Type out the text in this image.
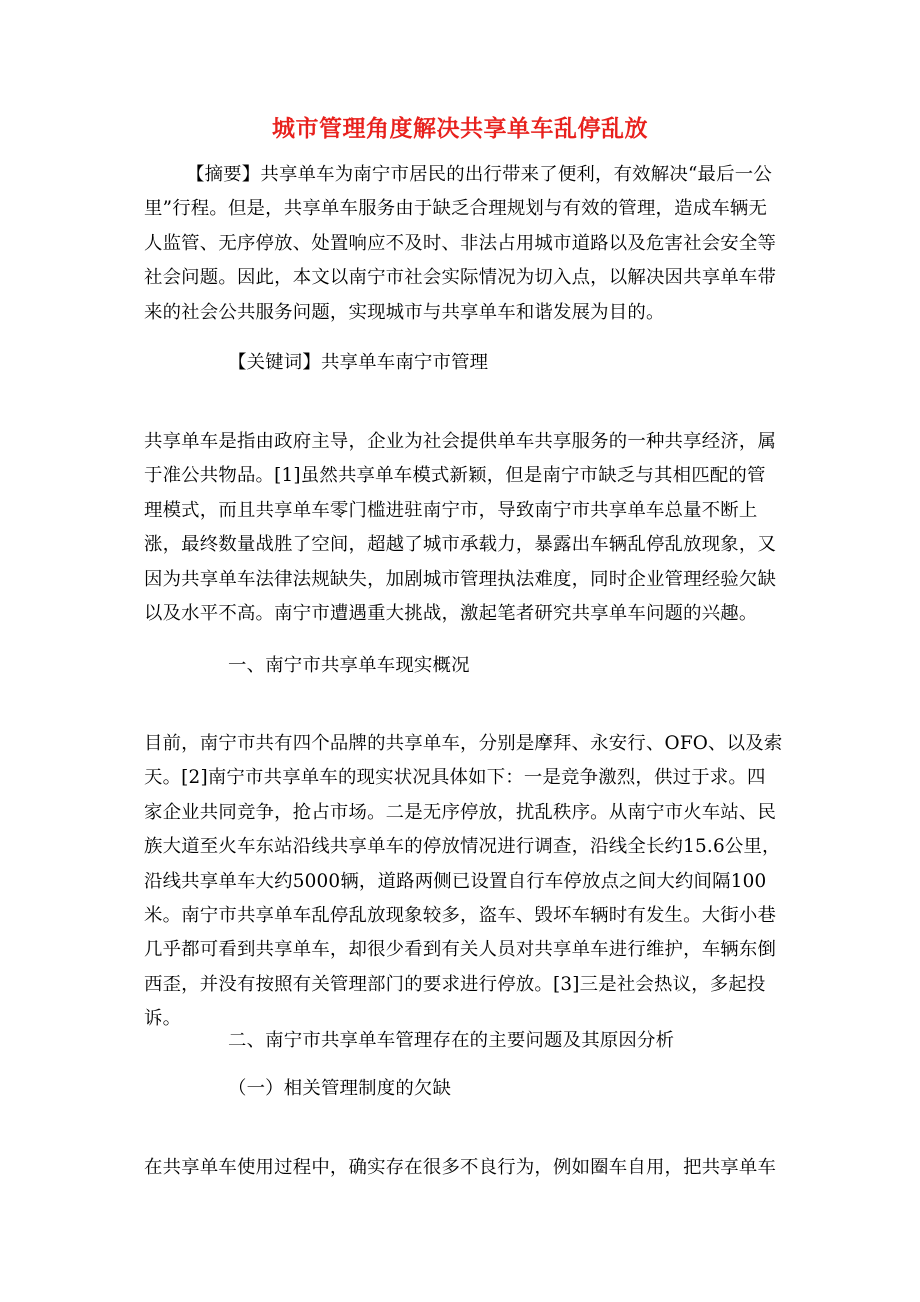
城市管理角度解决共享单车乱停乱放

【摘要】共享单车为南宁市居民的出行带来了便利，有效解决“最后一公里”行程。但是，共享单车服务由于缺乏合理规划与有效的管理，造成车辆无人监管、无序停放、处置响应不及时、非法占用城市道路以及危害社会安全等社会问题。因此，本文以南宁市社会实际情况为切入点，以解决因共享单车带来的社会公共服务问题，实现城市与共享单车和谐发展为目的。

【关键词】共享单车南宁市管理

共享单车是指由政府主导，企业为社会提供单车共享服务的一种共享经济，属于准公共物品。[1]虽然共享单车模式新颖，但是南宁市缺乏与其相匹配的管理模式，而且共享单车零门槛进驻南宁市，导致南宁市共享单车总量不断上涨，最终数量战胜了空间，超越了城市承载力，暴露出车辆乱停乱放现象，又因为共享单车法律法规缺失，加剧城市管理执法难度，同时企业管理经验欠缺以及水平不高。南宁市遭遇重大挑战，激起笔者研究共享单车问题的兴趣。

一、南宁市共享单车现实概况

目前，南宁市共有四个品牌的共享单车，分别是摩拜、永安行、OFO、以及索天。[2]南宁市共享单车的现实状况具体如下：一是竞争激烈，供过于求。四家企业共同竞争，抢占市场。二是无序停放，扰乱秩序。从南宁市火车站、民族大道至火车东站沿线共享单车的停放情况进行调查，沿线全长约15.6公里，沿线共享单车大约5000辆，道路两侧已设置自行车停放点之间大约间隔100米。南宁市共享单车乱停乱放现象较多，盗车、毁坏车辆时有发生。大街小巷几乎都可看到共享单车，却很少看到有关人员对共享单车进行维护，车辆东倒西歪，并没有按照有关管理部门的要求进行停放。[3]三是社会热议，多起投诉。

二、南宁市共享单车管理存在的主要问题及其原因分析

（一）相关管理制度的欠缺

在共享单车使用过程中，确实存在很多不良行为，例如圈车自用，把共享单车
